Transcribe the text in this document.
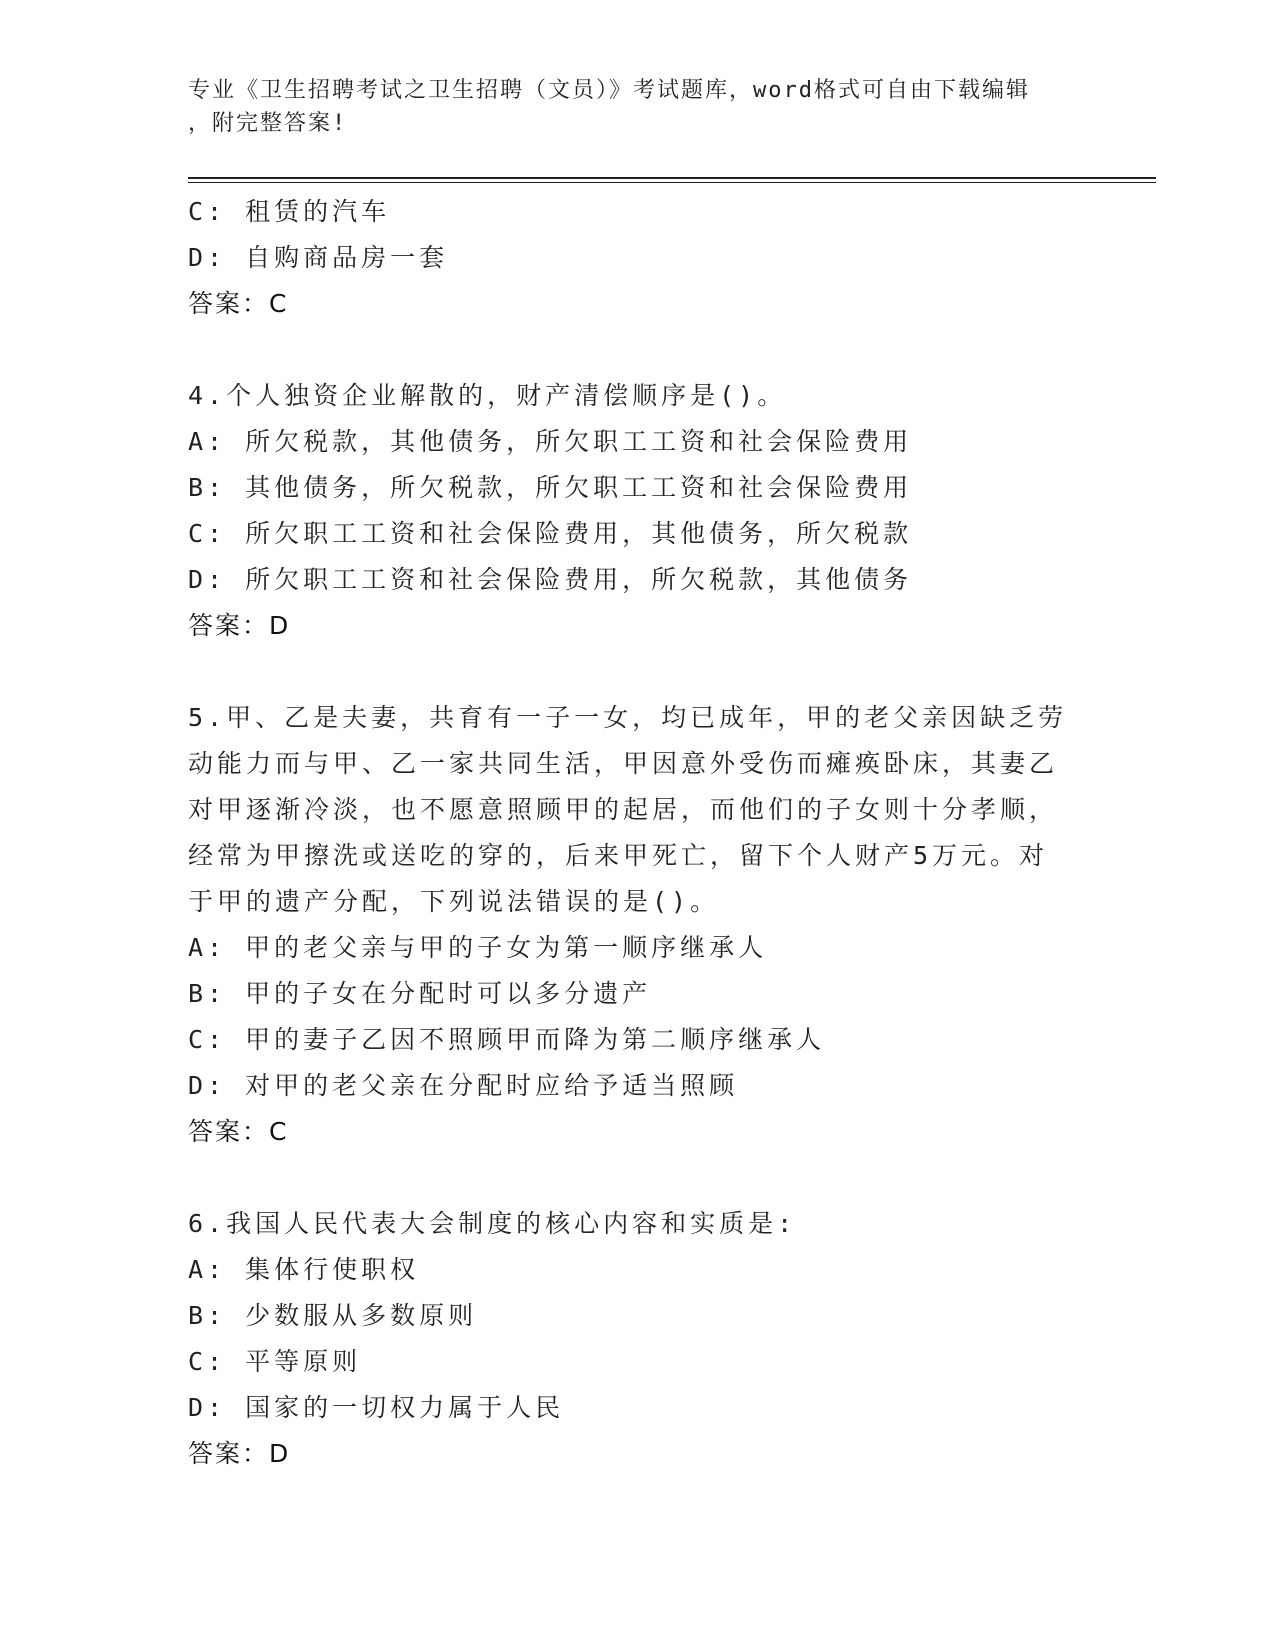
专业《卫生招聘考试之卫生招聘（文员）》考试题库，word格式可自由下载编辑
，附完整答案!
C: 租赁的汽车
D: 自购商品房一套
答案：C
4.个人独资企业解散的，财产清偿顺序是()。
A: 所欠税款，其他债务，所欠职工工资和社会保险费用
B: 其他债务，所欠税款，所欠职工工资和社会保险费用
C: 所欠职工工资和社会保险费用，其他债务，所欠税款
D: 所欠职工工资和社会保险费用，所欠税款，其他债务
答案：D
5.甲、乙是夫妻，共育有一子一女，均已成年，甲的老父亲因缺乏劳
动能力而与甲、乙一家共同生活，甲因意外受伤而瘫痪卧床，其妻乙
对甲逐渐冷淡，也不愿意照顾甲的起居，而他们的子女则十分孝顺，
经常为甲擦洗或送吃的穿的，后来甲死亡，留下个人财产5万元。对
于甲的遗产分配，下列说法错误的是()。
A: 甲的老父亲与甲的子女为第一顺序继承人
B: 甲的子女在分配时可以多分遗产
C: 甲的妻子乙因不照顾甲而降为第二顺序继承人
D: 对甲的老父亲在分配时应给予适当照顾
答案：C
6.我国人民代表大会制度的核心内容和实质是:
A: 集体行使职权
B: 少数服从多数原则
C: 平等原则
D: 国家的一切权力属于人民
答案：D
